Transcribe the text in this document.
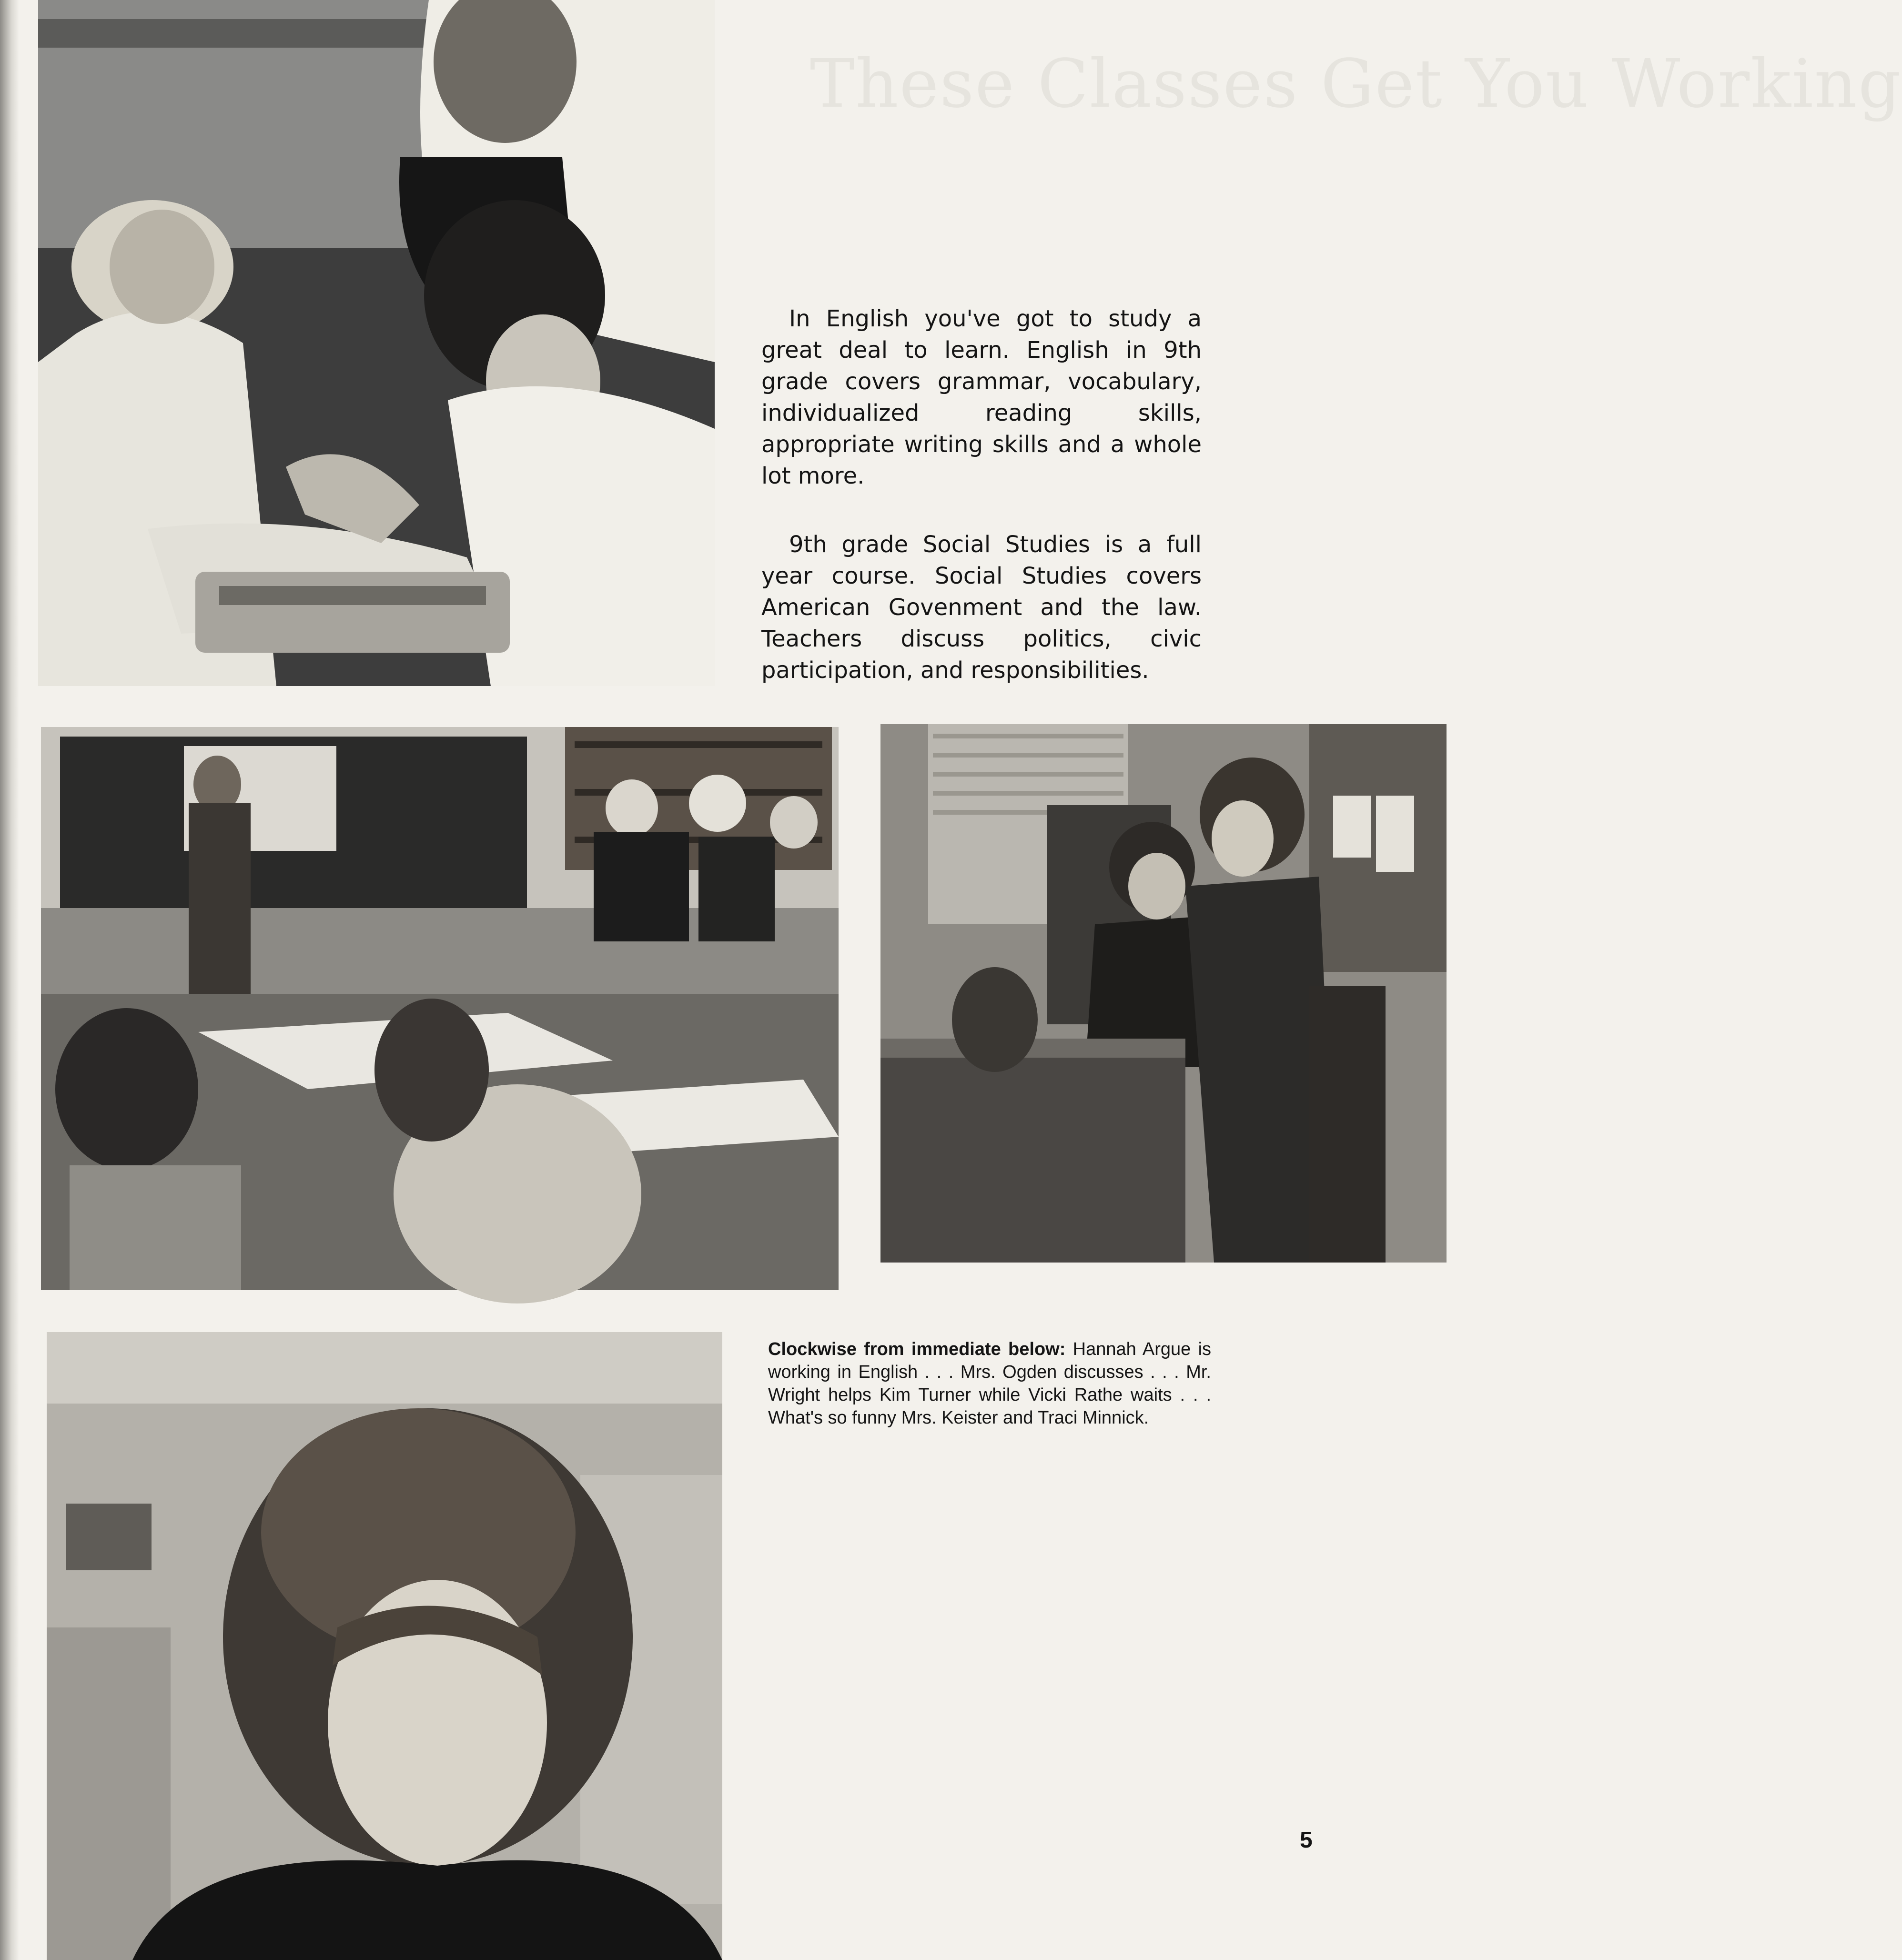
These Classes Get You Working

In English you've got to study a great deal to learn. English in 9th grade covers grammar, vocabulary, individualized reading skills, appropriate writing skills and a whole lot more.

9th grade Social Studies is a full year course. Social Studies covers American Govenment and the law. Teachers discuss politics, civic participation, and responsibilities.

Clockwise from immediate below: Hannah Argue is working in English . . . Mrs. Ogden discusses . . . Mr. Wright helps Kim Turner while Vicki Rathe waits . . . What's so funny Mrs. Keister and Traci Minnick.

5
